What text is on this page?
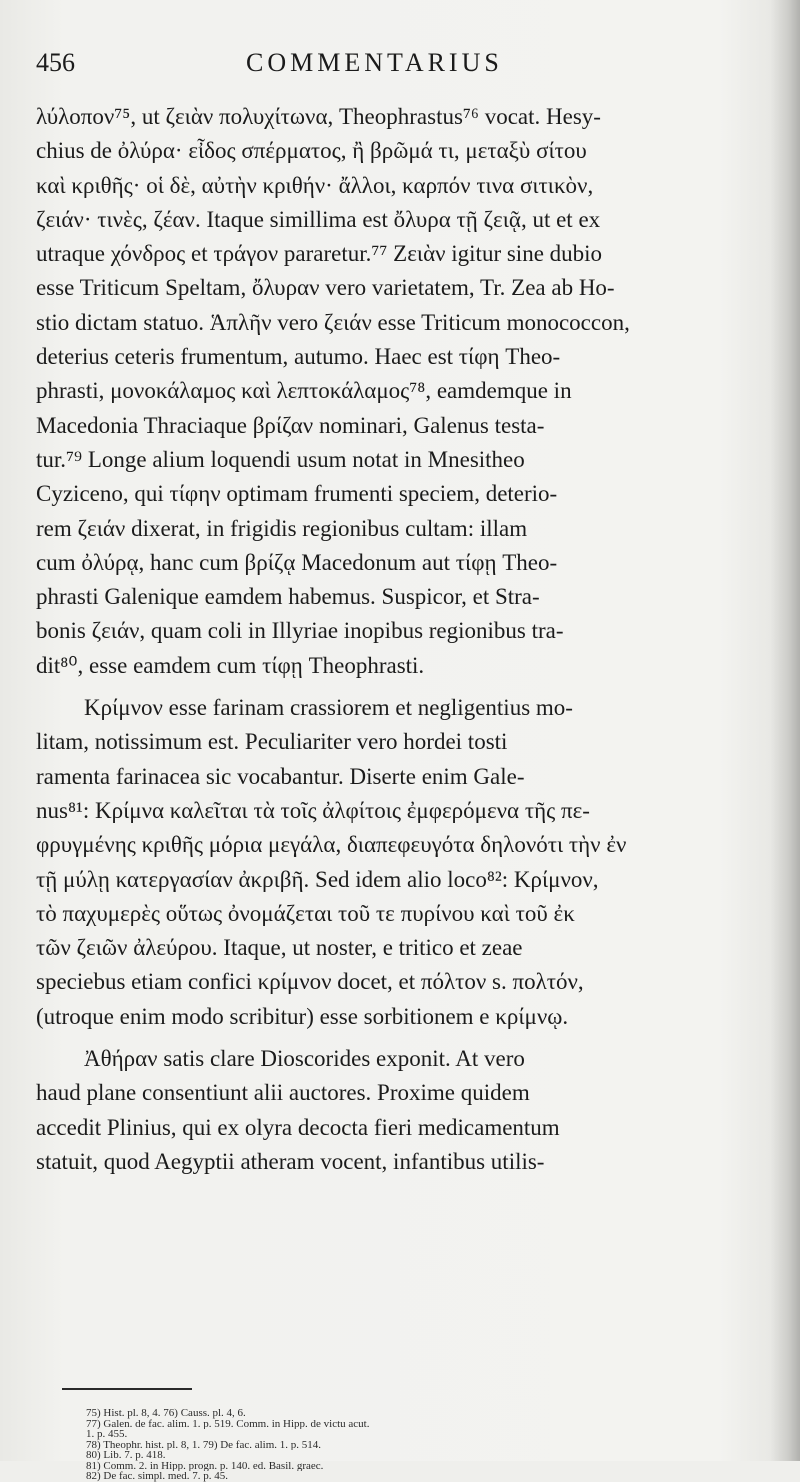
456	COMMENTARIUS
λύλοπον⁷⁵, ut ζειὰν πολυχίτωνα, Theophrastus⁷⁶ vocat. Hesy-
chius de ὀλύρα· εἶδος σπέρματος, ἢ βρῶμά τι, μεταξὺ σίτου
καὶ κριθῆς· οἱ δὲ, αὐτὴν κριθήν· ἄλλοι, καρπόν τινα σιτικὸν,
ζειάν· τινὲς, ζέαν. Itaque simillima est ὄλυρα τῇ ζειᾷ, ut et ex
utraque χόνδρος et τράγον pararetur.⁷⁷ Ζειὰν igitur sine dubio
esse Triticum Speltam, ὄλυραν vero varietatem, Tr. Zea ab Ho-
stio dictam statuo. Ἁπλῆν vero ζειάν esse Triticum monococcon,
deterius ceteris frumentum, autumo. Haec est τίφη Theo-
phrasti, μονοκάλαμος καὶ λεπτοκάλαμος⁷⁸, eamdemque in
Macedonia Thraciaque βρίζαν nominari, Galenus testa-
tur.⁷⁹ Longe alium loquendi usum notat in Mnesitheo
Cyziceno, qui τίφην optimam frumenti speciem, deterio-
rem ζειάν dixerat, in frigidis regionibus cultam: illam
cum ὀλύρᾳ, hanc cum βρίζᾳ Macedonum aut τίφῃ Theo-
phrasti Galenique eamdem habemus. Suspicor, et Stra-
bonis ζειάν, quam coli in Illyriae inopibus regionibus tra-
dit⁸⁰, esse eamdem cum τίφῃ Theophrasti.
Κρίμνον esse farinam crassiorem et negligentius mo-
litam, notissimum est. Peculiariter vero hordei tosti
ramenta farinacea sic vocabantur. Diserte enim Gale-
nus⁸¹: Κρίμνα καλεῖται τὰ τοῖς ἀλφίτοις ἐμφερόμενα τῆς πε-
φρυγμένης κριθῆς μόρια μεγάλα, διαπεφευγότα δηλονότι τὴν ἐν
τῇ μύλῃ κατεργασίαν ἀκριβῆ. Sed idem alio loco⁸²: Κρίμνον,
τὸ παχυμερὲς οὕτως ὀνομάζεται τοῦ τε πυρίνου καὶ τοῦ ἐκ
τῶν ζειῶν ἀλεύρου. Itaque, ut noster, e tritico et zeae
speciebus etiam confici κρίμνον docet, et πόλτον s. πολτόν,
(utroque enim modo scribitur) esse sorbitionem e κρίμνῳ.
Ἀθήραν satis clare Dioscorides exponit. At vero
haud plane consentiunt alii auctores. Proxime quidem
accedit Plinius, qui ex olyra decocta fieri medicamentum
statuit, quod Aegyptii atheram vocent, infantibus utilis-
75) Hist. pl. 8, 4. 76) Causs. pl. 4, 6.
77) Galen. de fac. alim. 1. p. 519. Comm. in Hipp. de victu acut.
1. p. 455.
78) Theophr. hist. pl. 8, 1. 79) De fac. alim. 1. p. 514.
80) Lib. 7. p. 418.
81) Comm. 2. in Hipp. progn. p. 140. ed. Basil. graec.
82) De fac. simpl. med. 7. p. 45.
